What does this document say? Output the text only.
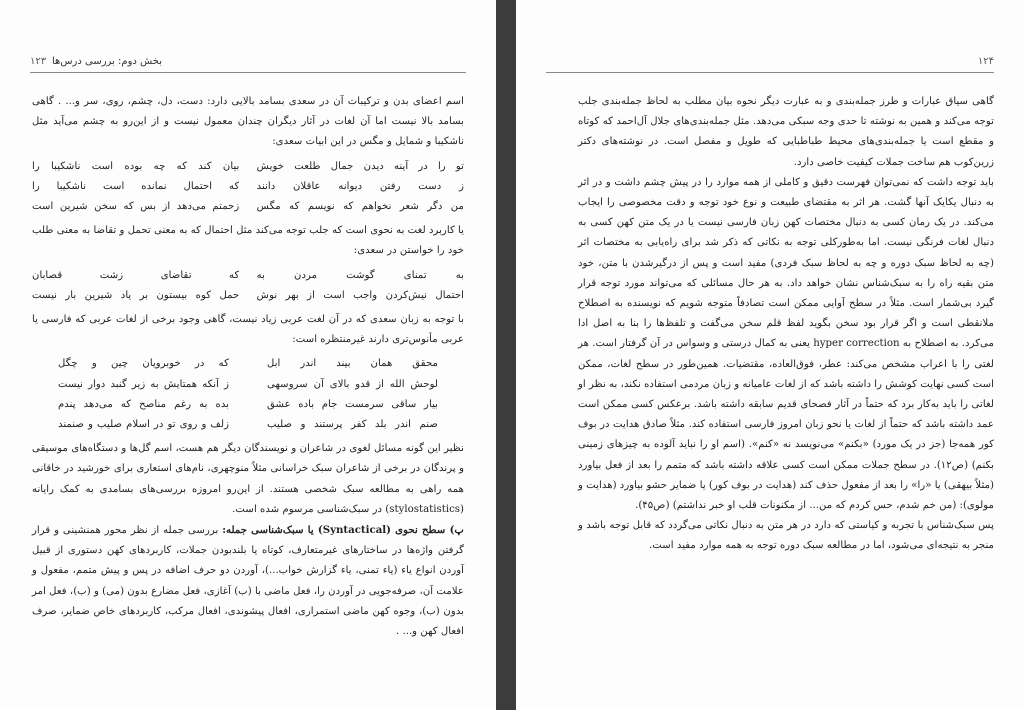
۱۲۳ بخش دوم: بررسی درس‌ها

اسم اعضای بدن و ترکیبات آن در سعدی بسامد بالایی دارد: دست، دل، چشم، روی، سر و... . گاهی بسامد بالا نیست اما آن لغات در آثار دیگران چندان معمول نیست و از این‌رو به چشم می‌آید مثل ناشکیبا و شمایل و مگس در این ابیات سعدی:

تو را در آینه دیدن جمال طلعت خویش
بیان کند که چه بوده است ناشکیبا را
ز دست رفتن دیوانه عاقلان دانند
که احتمال نمانده است ناشکیبا را
من دگر شعر نخواهم که نویسم که مگس
زحمتم می‌دهد از بس که سخن شیرین است

یا کاربرد لغت به نحوی است که جلب توجه می‌کند مثل احتمال که به معنی تحمل و تقاضا به معنی طلب خود را خواستن در سعدی:

به تمنای گوشت مردن به
که تقاضای زشت قصابان
احتمال نیش‌کردن واجب است از بهر نوش
حمل کوه بیستون بر یاد شیرین بار نیست

با توجه به زبان سعدی که در آن لغت عربی زیاد نیست، گاهی وجود برخی از لغات عربی که فارسی یا عربی مأنوس‌تری دارند غیرمنتظره است:

محقق همان بیند اندر ابل
که در خوبرویان چین و چگل
لوحش الله از قدو بالای آن سروسهی
ز آنکه همتایش به زیر گنبد دوار نیست
بیار ساقی سرمست جام باده عشق
بده به رغم مناصح که می‌دهد پندم
صنم اندر بلد کفر پرستند و صلیب
زلف و روی تو در اسلام صلیب و صنمند

نظیر این گونه مسائل لغوی در شاعران و نویسندگان دیگر هم هست، اسم گل‌ها و دستگاه‌های موسیقی و پرندگان در برخی از شاعران سبک خراسانی مثلاً منوچهری، نام‌های استعاری برای خورشید در خاقانی همه راهی به مطالعه سبک شخصی هستند. از این‌رو امروزه بررسی‌های بسامدی به کمک رایانه (stylostatistics) در سبک‌شناسی مرسوم شده است.

پ) سطح نحوی (Syntactical) یا سبک‌شناسی جمله: بررسی جمله از نظر محور همنشینی و قرار گرفتن واژه‌ها در ساختارهای غیرمتعارف، کوتاه یا بلندبودن جملات، کاربردهای کهن دستوری از قبیل آوردن انواع یاء (یاء تمنی، یاء گزارش خواب...)، آوردن دو حرف اضافه در پس و پیش متمم، مفعول و علامت آن، صرفه‌جویی در آوردن را، فعل ماضی با (ب) آغازی، فعل مضارع بدون (می) و (ب)، فعل امر بدون (ب)، وجوه کهن ماضی استمراری، افعال پیشوندی، افعال مرکب، کاربردهای خاص ضمایر، صرف افعال کهن و... .

۱۲۴

گاهی سیاق عبارات و طرز جمله‌بندی و به عبارت دیگر نحوه بیان مطلب به لحاظ جمله‌بندی جلب توجه می‌کند و همین به نوشته تا حدی وجه سبکی می‌دهد. مثل جمله‌بندی‌های جلال آل‌احمد که کوتاه و مقطع است یا جمله‌بندی‌های محیط طباطبایی که طویل و مفصل است. در نوشته‌های دکتر زرین‌کوب هم ساخت جملات کیفیت خاصی دارد.

باید توجه داشت که نمی‌توان فهرست دقیق و کاملی از همه موارد را در پیش چشم داشت و در اثر به دنبال یکایک آنها گشت. هر اثر به مقتضای طبیعت و نوع خود توجه و دقت مخصوصی را ایجاب می‌کند. در یک رمان کسی به دنبال مختصات کهن زبان فارسی نیست یا در یک متن کهن کسی به دنبال لغات فرنگی نیست. اما به‌طورکلی توجه به نکاتی که ذکر شد برای راه‌یابی به مختصات اثر (چه به لحاظ سبک دوره و چه به لحاظ سبک فردی) مفید است و پس از درگیرشدن با متن، خود متن بقیه راه را به سبک‌شناس نشان خواهد داد. به هر حال مسائلی که می‌تواند مورد توجه قرار گیرد بی‌شمار است. مثلاً در سطح آوایی ممکن است تصادفاً متوجه شویم که نویسنده به اصطلاح ملانقطی است و اگر قرار بود سخن بگوید لفظ قلم سخن می‌گفت و تلفظ‌ها را بنا به اصل ادا می‌کرد. به اصطلاح به hyper correction یعنی به کمال درستی و وسواس در آن گرفتار است. هر لغتی را با اعراب مشخص می‌کند: عطر، فوق‌العاده، مقتضیات. همین‌طور در سطح لغات، ممکن است کسی نهایت کوشش را داشته باشد که از لغات عامیانه و زبان مردمی استفاده نکند، به نظر او لغاتی را باید به‌کار برد که حتماً در آثار فصحای قدیم سابقه داشته باشد. برعکس کسی ممکن است عمد داشته باشد که حتماً از لغات یا نحو زبان امروز فارسی استفاده کند. مثلاً صادق هدایت در بوف کور همه‌جا (جز در یک مورد) «بکنم» می‌نویسد نه «کنم». (اسم او را نباید آلوده به چیزهای زمینی بکنم) (ص۱۲). در سطح جملات ممکن است کسی علاقه داشته باشد که متمم را بعد از فعل بیاورد (مثلاً بیهقی) یا «را» را بعد از مفعول حذف کند (هدایت در بوف کور) یا ضمایر حشو بیاورد (هدایت و مولوی): (من خم شدم، حس کردم که من... از مکنونات قلب او خبر نداشتم) (ص۴۵).

پس سبک‌شناس با تجربه و کیاستی که دارد در هر متن به دنبال نکاتی می‌گردد که قابل توجه باشد و منجر به نتیجه‌ای می‌شود، اما در مطالعه سبک دوره توجه به همه موارد مفید است.
